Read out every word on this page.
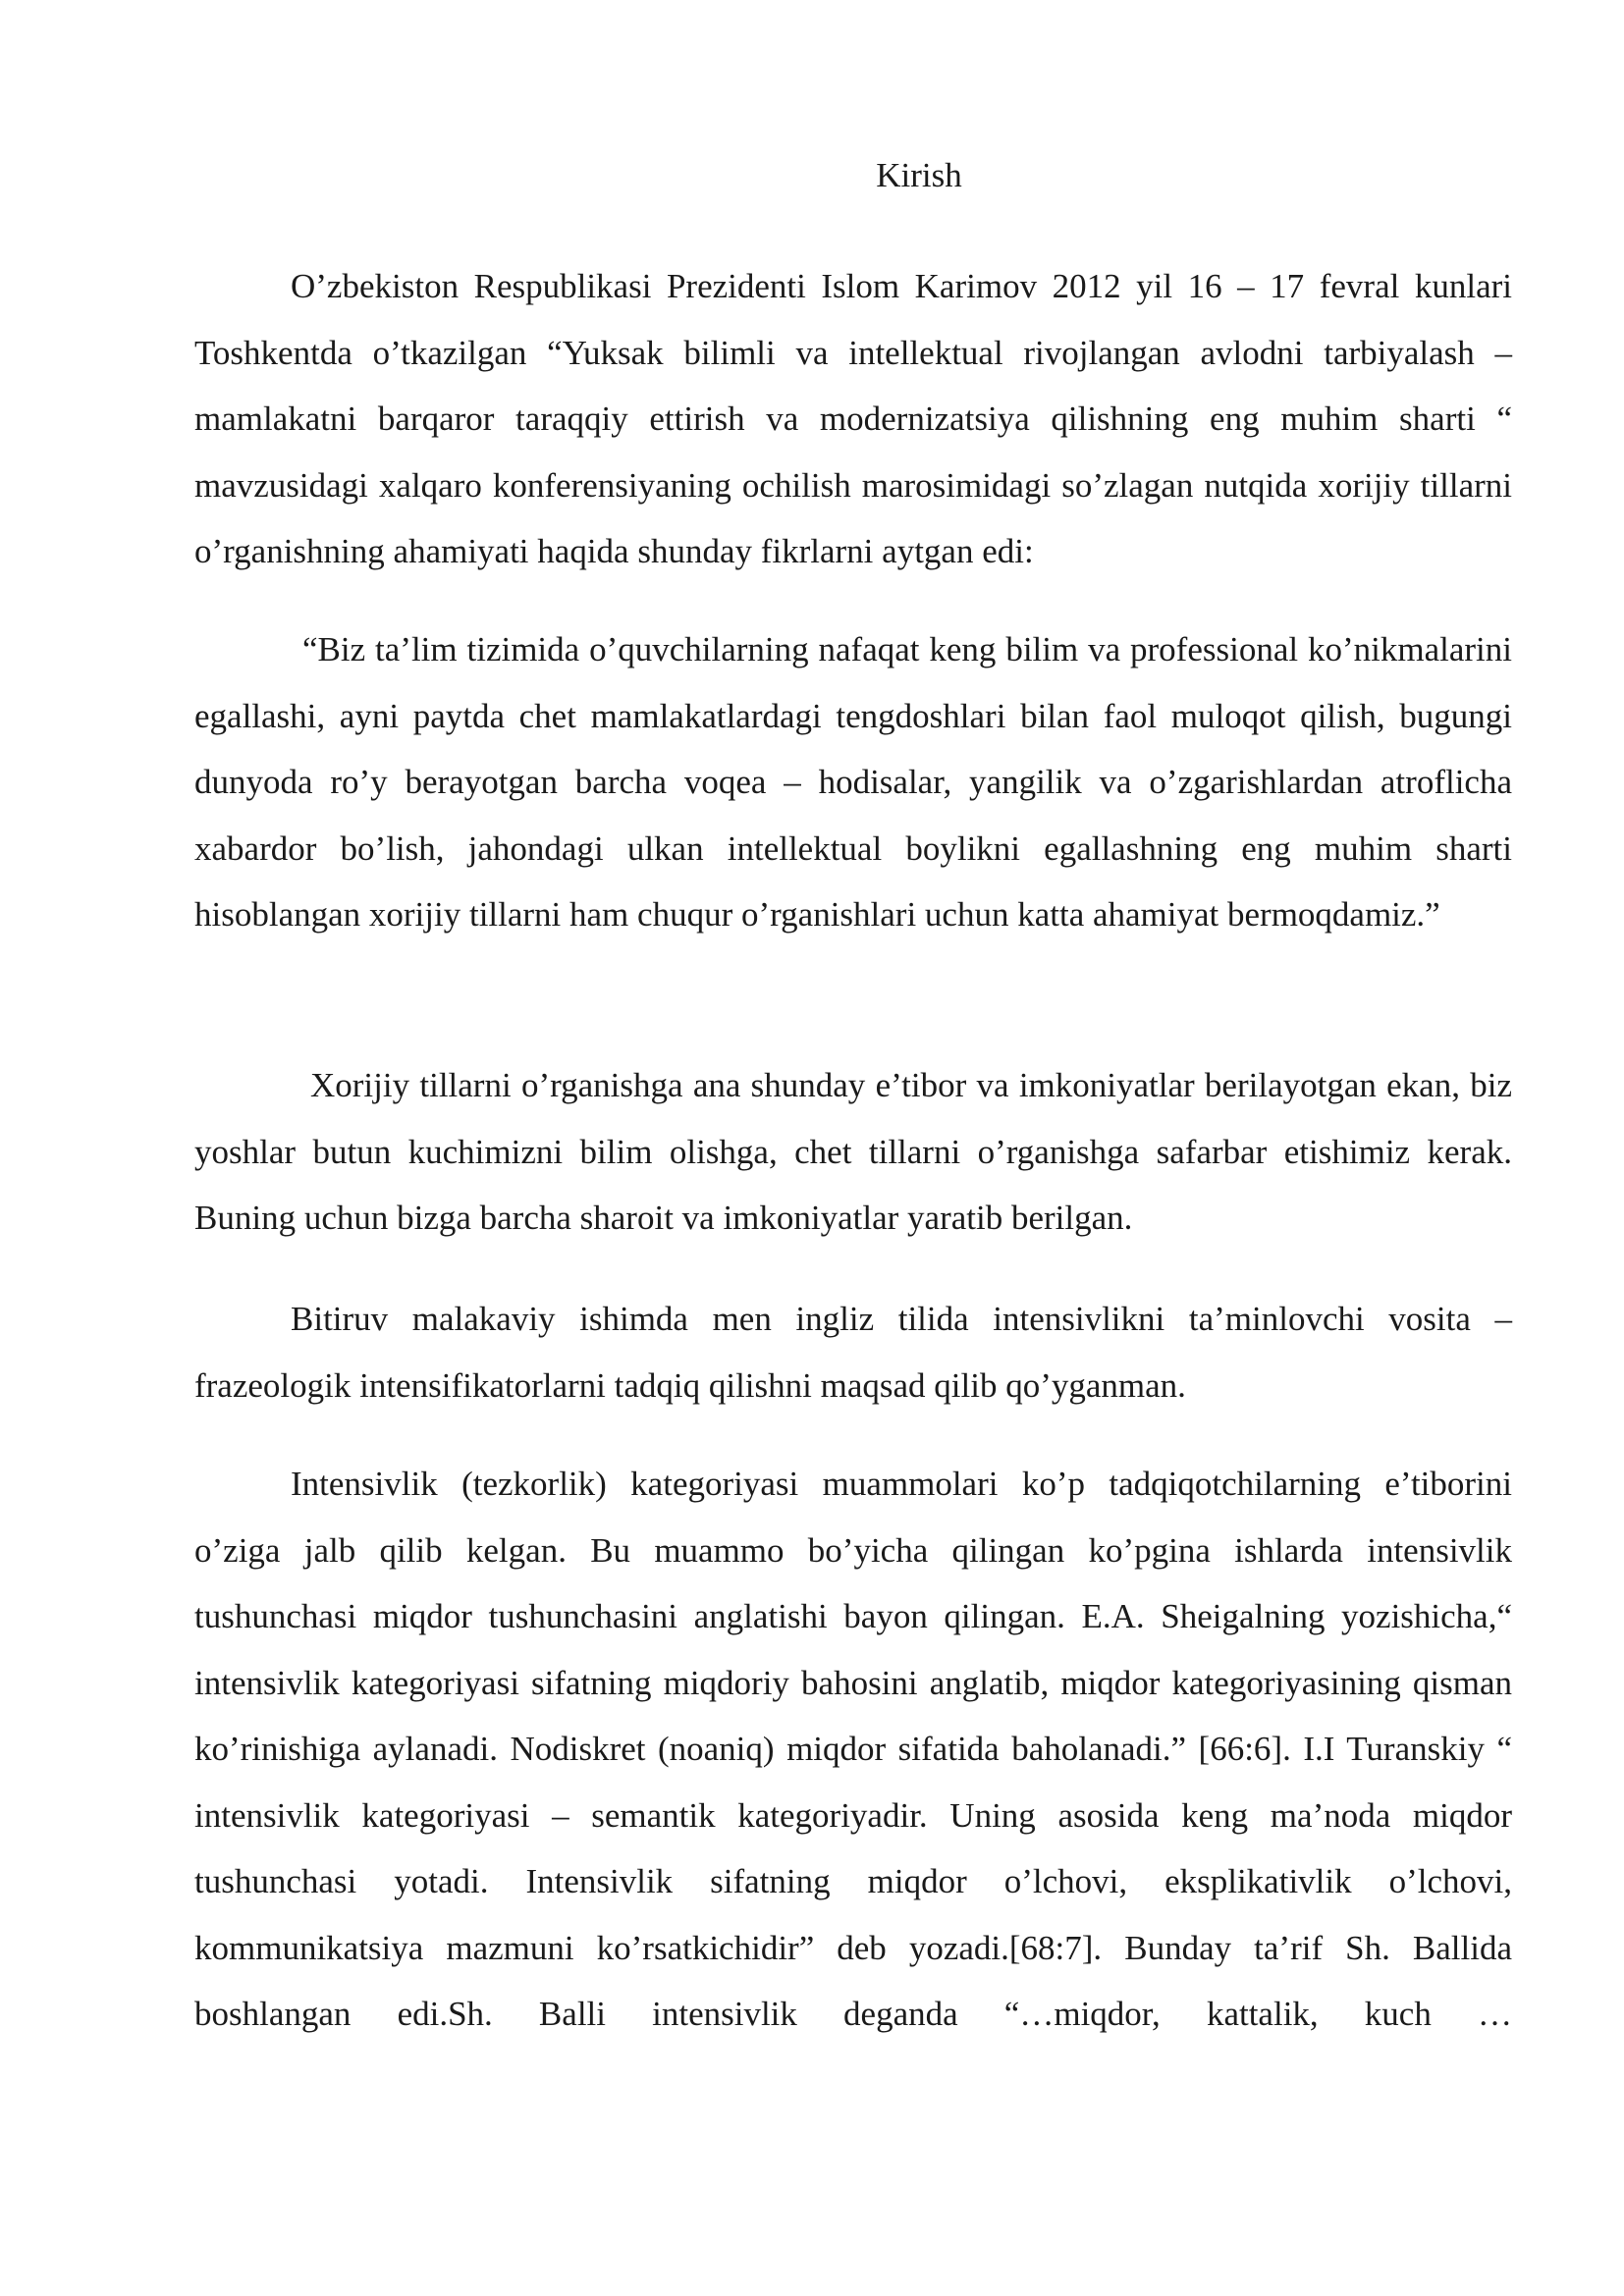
Kirish

O’zbekiston Respublikasi Prezidenti Islom Karimov 2012 yil 16 – 17 fevral kunlari Toshkentda o’tkazilgan “Yuksak bilimli va intellektual rivojlangan avlodni tarbiyalash – mamlakatni barqaror taraqqiy ettirish va modernizatsiya qilishning eng muhim sharti “ mavzusidagi xalqaro konferensiyaning ochilish marosimidagi so’zlagan nutqida xorijiy tillarni o’rganishning ahamiyati haqida shunday fikrlarni aytgan edi:

“Biz ta’lim tizimida o’quvchilarning nafaqat keng bilim va professional ko’nikmalarini egallashi, ayni paytda chet mamlakatlardagi tengdoshlari bilan faol muloqot qilish, bugungi dunyoda ro’y berayotgan barcha voqea – hodisalar, yangilik va o’zgarishlardan atroflicha xabardor bo’lish, jahondagi ulkan intellektual boylikni egallashning eng muhim sharti hisoblangan xorijiy tillarni ham chuqur o’rganishlari uchun katta ahamiyat bermoqdamiz.”

Xorijiy tillarni o’rganishga ana shunday e’tibor va imkoniyatlar berilayotgan ekan, biz yoshlar butun kuchimizni bilim olishga, chet tillarni o’rganishga safarbar etishimiz kerak. Buning uchun bizga barcha sharoit va imkoniyatlar yaratib berilgan.

Bitiruv malakaviy ishimda men ingliz tilida intensivlikni ta’minlovchi vosita – frazeologik intensifikatorlarni tadqiq qilishni maqsad qilib qo’yganman.

Intensivlik (tezkorlik) kategoriyasi muammolari ko’p tadqiqotchilarning e’tiborini o’ziga jalb qilib kelgan. Bu muammo bo’yicha qilingan ko’pgina ishlarda intensivlik tushunchasi miqdor tushunchasini anglatishi bayon qilingan. E.A. Sheigalning yozishicha,“ intensivlik kategoriyasi sifatning miqdoriy bahosini anglatib, miqdor kategoriyasining qisman ko’rinishiga aylanadi. Nodiskret (noaniq) miqdor sifatida baholanadi.” [66:6]. I.I Turanskiy “ intensivlik kategoriyasi – semantik kategoriyadir. Uning asosida keng ma’noda miqdor tushunchasi yotadi. Intensivlik sifatning miqdor o’lchovi, eksplikativlik o’lchovi, kommunikatsiya mazmuni ko’rsatkichidir” deb yozadi.[68:7]. Bunday ta’rif Sh. Ballida boshlangan edi.Sh. Balli intensivlik deganda “…miqdor, kattalik, kuch …
